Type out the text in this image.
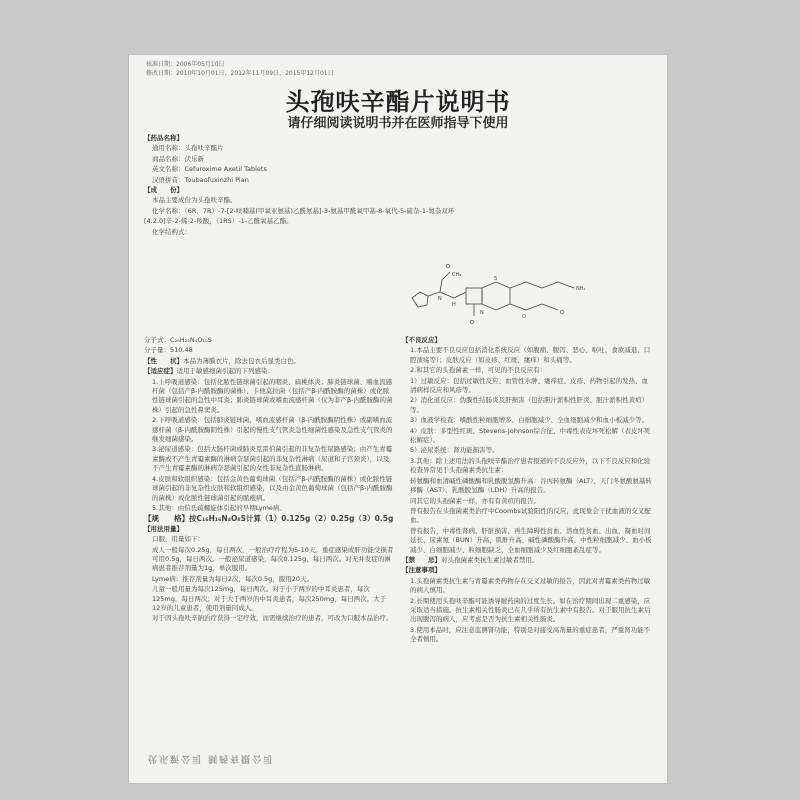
核准日期：2006年05月10日
修改日期：2010年10月01日，2012年11月09日，2015年12月01日
头孢呋辛酯片说明书
请仔细阅读说明书并在医师指导下使用

【 药品名称 】

通用名称：头孢呋辛酯片

商品名称：伏乐新

英文名称：Cefuroxime Axetil Tablets

汉语拼音：Toubaofuxinzhi Pian

【 成　　份 】

本品主要成份为头孢呋辛酯。

化学名称：（6R，7R）-7-[2-呋喃基(甲氧亚氨基)乙酰氨基]-3-氨基甲酰氧甲基-8-氧代-5-硫杂-1-氮杂双环

[4.2.0]辛-2-烯-2-羧酸，（1RS）-1-乙酰氧基乙酯。

化学结构式：

O
CH₃
N
H
S
N
O
NH₂
O
O

分子式：C₂₀H₂₂N₄O₁₀S

分子量：510.48

【 性　　状 】 本品为薄膜衣片，除去包衣后显类白色。

【 适应症 】 适用于敏感细菌引起的下列感染：

1.上呼吸道感染：包括化脓性链球菌引起的咽炎、扁桃体炎；肺炎链球菌、嗜血流感杆菌（包括产β-内酰胺酶的菌株）、卡他莫拉菌（包括产β-内酰胺酶的菌株）或化脓性链球菌引起的急性中耳炎；肺炎链球菌或嗜血流感杆菌（仅为非产β-内酰胺酶的菌株）引起的急性鼻窦炎。

2.下呼吸道感染：包括肺炎链球菌、嗜血流感杆菌（β-内酰胺酶阴性株）或副嗜血流感杆菌（β-内酰胺酶阴性株）引起的慢性支气管炎急性细菌性感染及急性支气管炎的继发细菌感染。

3.泌尿道感染：包括大肠杆菌或肺炎克雷伯菌引起的非复杂性尿路感染；由产生青霉素酶或不产生青霉素酶的淋病奈瑟菌引起的非复杂性淋病（尿道和子宫颈炎），以及不产生青霉素酶的淋病奈瑟菌引起的女性非复杂性直肠淋病。

4.皮肤和软组织感染：包括金黄色葡萄球菌（包括产β-内酰胺酶的菌株）或化脓性链球菌引起的非复杂性皮肤和软组织感染，以及由金黄色葡萄球菌（包括产β-内酰胺酶的菌株）或化脓性链球菌引起的脓疱病。

5.其他：由伯氏疏螺旋体引起的早期Lyme病。

【 规　　格 】 按C₁₆H₁₆N₄O₈S计算（1）0.125g（2）0.25g（3）0.5g

【 用法用量 】

口服，用量如下：

成人一般每次0.25g，每日两次，一般治疗疗程为5-10天。重症感染或肝功能受损者可用0.5g，每日两次。一般泌尿道感染，每次0.125g，每日两次。对无并发症的淋病患者推荐剂量为1g，单次服用。

Lyme病：推荐剂量为每日2次，每次0.5g，服用20天。

儿童一般用量为每次125mg，每日两次。对于小于两岁的中耳炎患者，每次125mg，每日两次；对于大于两岁的中耳炎患者，每次250mg，每日两次。大于12岁的儿童患者，使用剂量同成人。

对于因头孢呋辛钠治疗获得一定疗效，而需继续治疗的患者，可改为口服本品治疗。

【 不良反应 】

1.本品主要不良反应包括消化系统反应（如腹痛、腹泻、恶心、呕吐、食欲减退、口腔溃疡等）；皮肤反应（如皮疹、红斑、瘙痒）和头痛等。

2.和其它的头孢菌素一样，可见的不良反应有：

1）过敏反应：包括过敏性反应、血管性水肿、瘙痒症、皮疹、药物引起的发热、血清病样反应和风疹等。

2）消化道反应：伪膜性结肠炎及肝损害（包括胆汁淤积性肝炎、胆汁淤积性黄疸）等。

3）血液学检查：嗜酸性粒细胞增多、白细胞减少、全血细胞减少和血小板减少等。

4）皮肤：多型性红斑、Stevens-Johnson综合征、中毒性表皮坏死松解（表皮坏死松解症）。

5）泌尿系统：肾功能损害等。

3.其他：除上述用法的头孢呋辛酯治疗患者报道的不良反应外，以下不良反应和化验检查异常见于头孢菌素类抗生素：

转氨酶和血清碱性磷酸酶和乳酸脱氢酶升高：谷丙转氨酶（ALT）、天门冬氨酸氨基转移酶（AST）、乳酸脱氢酶（LDH）升高的报告。

同其它的头孢菌素一样，亦有有黄疸的报告。

曾有报告在头孢菌素类治疗中Coombs试验阳性的反应，此现象会干扰血液的交叉配血。

曾有报告，中毒性肾病、肝脏损害、再生障碍性贫血、溶血性贫血、出血、凝血时间延长、尿素氮（BUN）升高、肌酐升高、碱性磷酸酶升高、中性粒细胞减少、血小板减少、白细胞减少、粒细胞缺乏、全血细胞减少及红细胞紊乱症等。

【 禁　　忌 】 对头孢菌素类抗生素过敏者禁用。

【 注意事项 】

1.头孢菌素类抗生素与青霉素类药物存在交叉过敏的报告，因此对青霉素类药物过敏的病人慎用。

2.长期使用头孢呋辛酯可能诱导耐药菌的过度生长。如在治疗期间出现二重感染，应采取适当措施。抗生素相关性肠炎已在几乎所有抗生素中有报告。对于服用抗生素后出现腹泻的病人，应考虑是否为抗生素相关性肠炎。

3.使用本品时，应注意监测肾功能，特别是对接受高剂量的重症患者，严重肾功能不全者慎用。

伏乐新公司 制药有限公司
